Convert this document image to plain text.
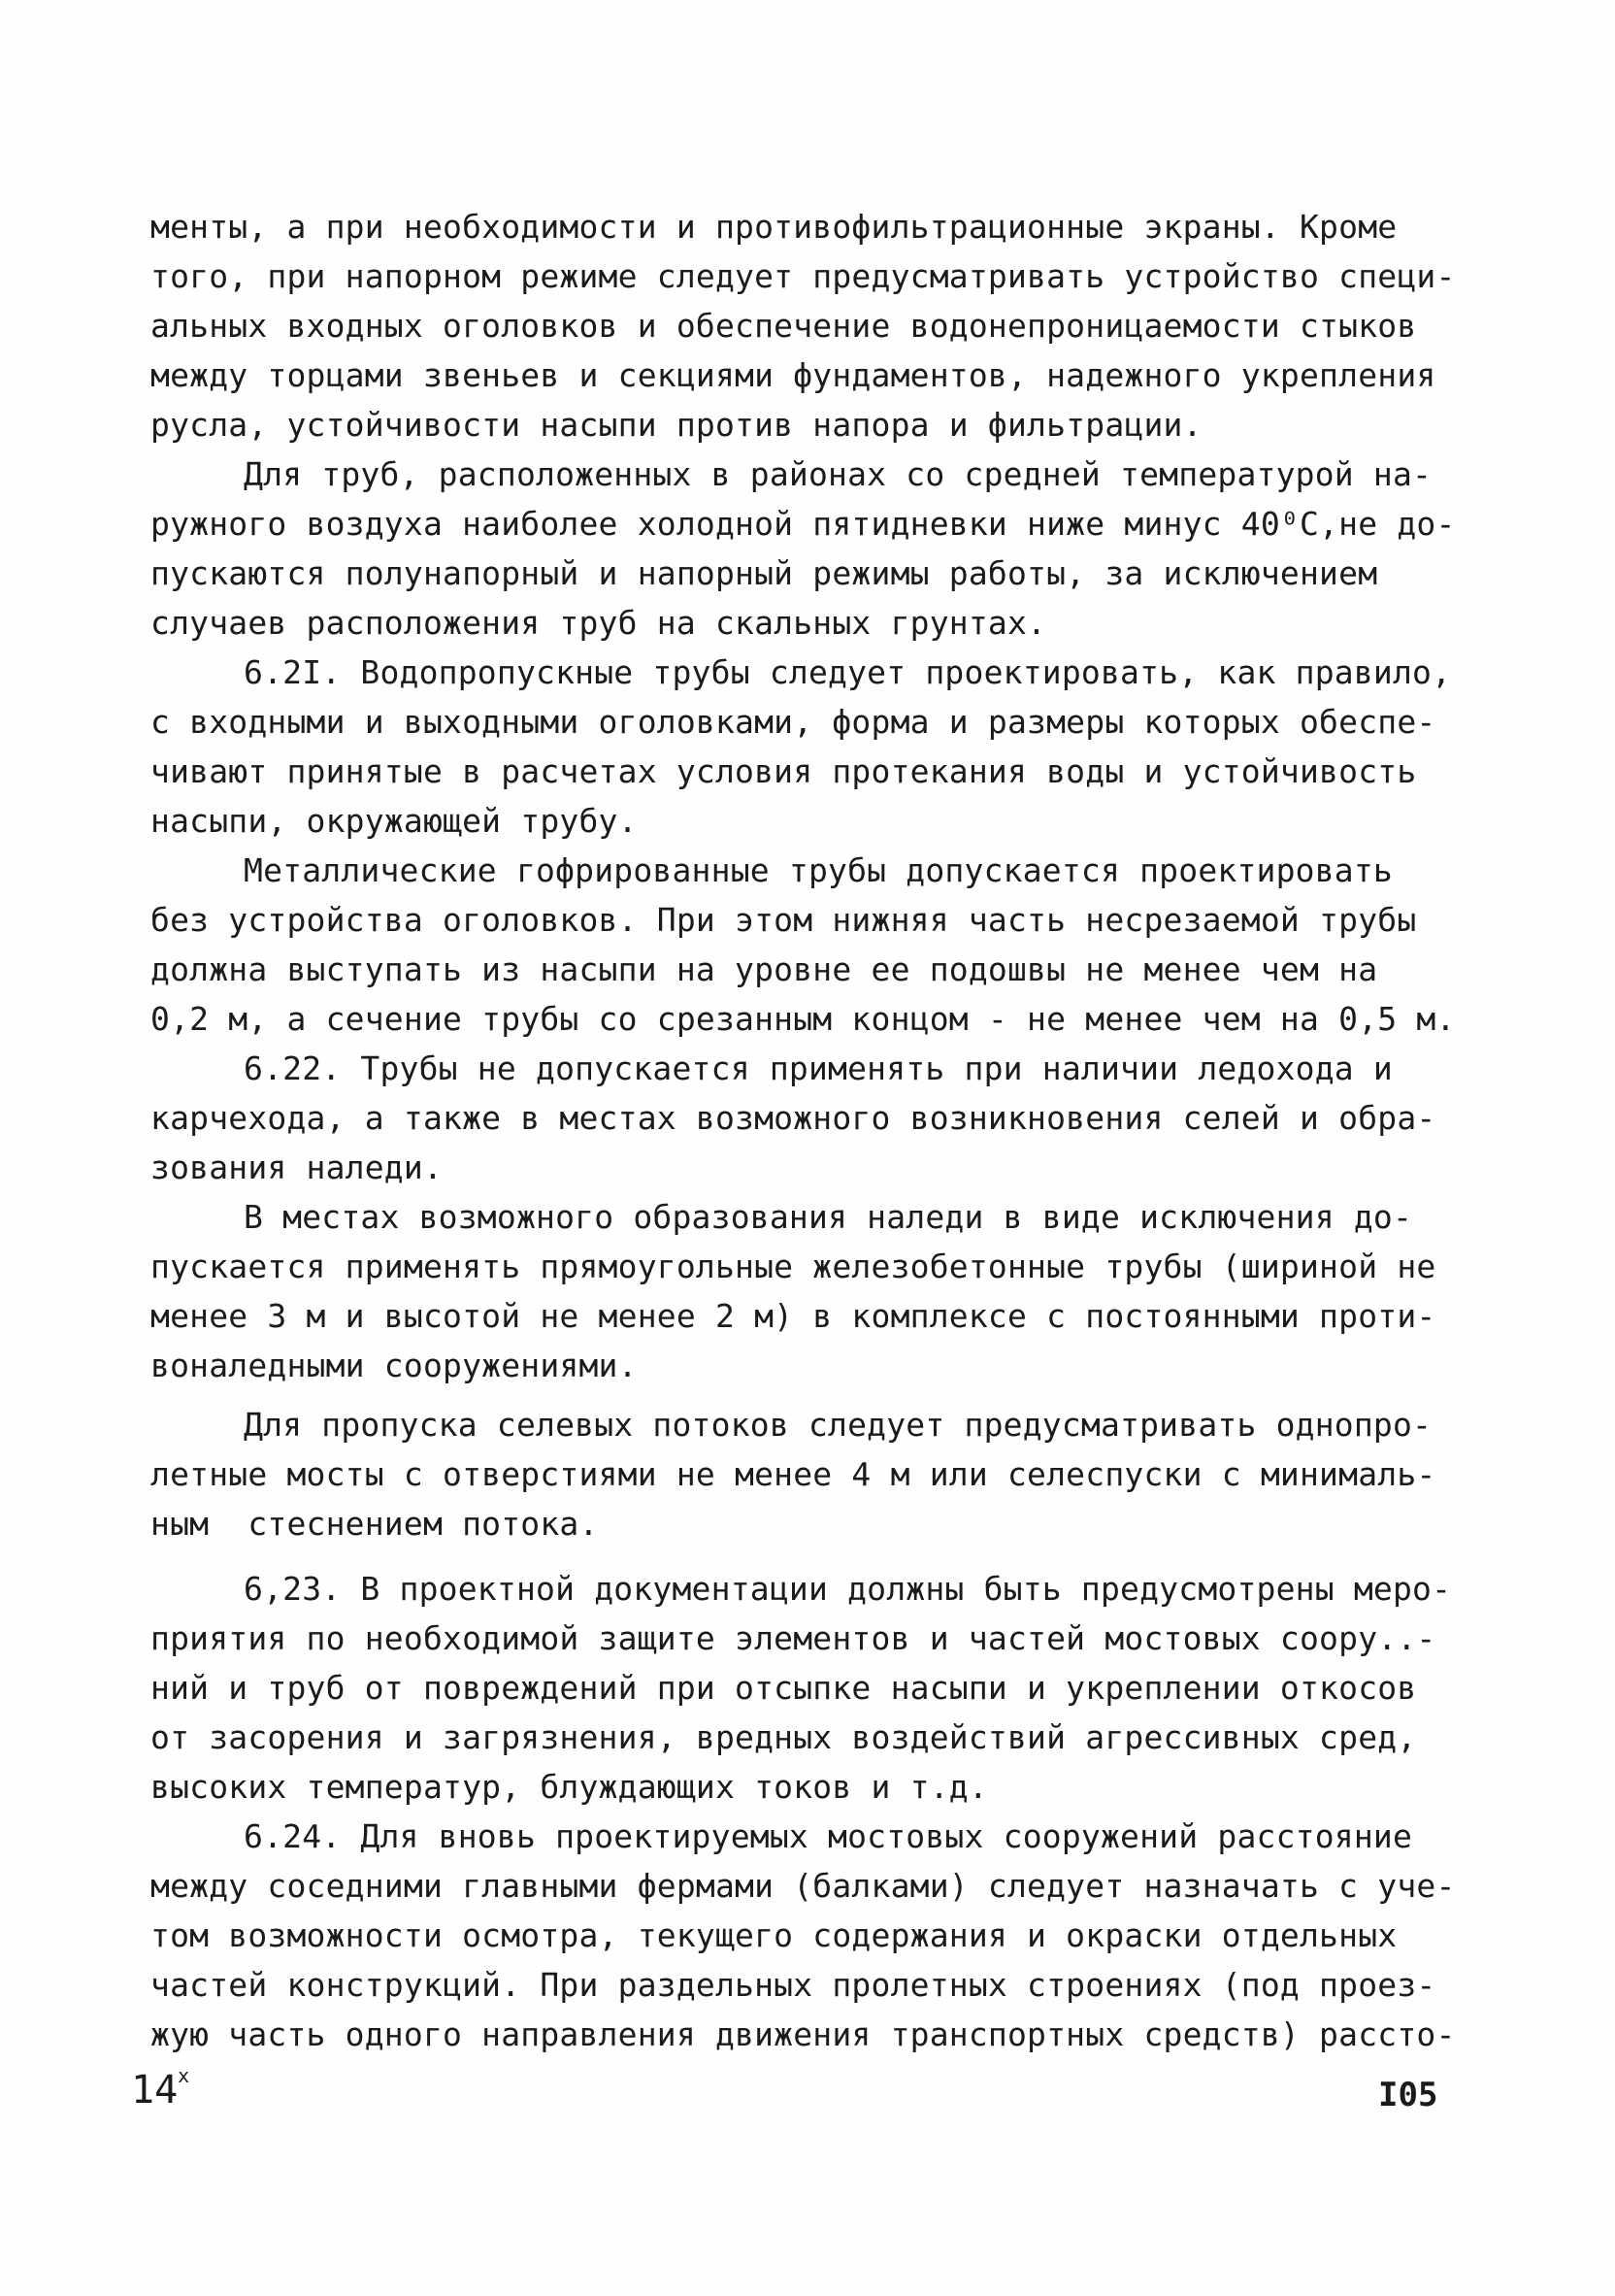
менты, а при необходимости и противофильтрационные экраны. Кроме
того, при напорном режиме следует предусматривать устройство специ-
альных входных оголовков и обеспечение водонепроницаемости стыков
между торцами звеньев и секциями фундаментов, надежного укрепления
русла, устойчивости насыпи против напора и фильтрации.
Для труб, расположенных в районах со средней температурой на-
ружного воздуха наиболее холодной пятидневки ниже минус 40⁰С,не до-
пускаются полунапорный и напорный режимы работы, за исключением
случаев расположения труб на скальных грунтах.
6.2I. Водопропускные трубы следует проектировать, как правило,
с входными и выходными оголовками, форма и размеры которых обеспе-
чивают принятые в расчетах условия протекания воды и устойчивость
насыпи, окружающей трубу.
Металлические гофрированные трубы допускается проектировать
без устройства оголовков. При этом нижняя часть несрезаемой трубы
должна выступать из насыпи на уровне ее подошвы не менее чем на
0,2 м, а сечение трубы со срезанным концом - не менее чем на 0,5 м.
6.22. Трубы не допускается применять при наличии ледохода и
карчехода, а также в местах возможного возникновения селей и обра-
зования наледи.
В местах возможного образования наледи в виде исключения до-
пускается применять прямоугольные железобетонные трубы (шириной не
менее 3 м и высотой не менее 2 м) в комплексе с постоянными проти-
воналедными сооружениями.
Для пропуска селевых потоков следует предусматривать однопро-
летные мосты с отверстиями не менее 4 м или селеспуски с минималь-
ным  стеснением потока.
6,23. В проектной документации должны быть предусмотрены меро-
приятия по необходимой защите элементов и частей мостовых соору..-
ний и труб от повреждений при отсыпке насыпи и укреплении откосов
от засорения и загрязнения, вредных воздействий агрессивных сред,
высоких температур, блуждающих токов и т.д.
6.24. Для вновь проектируемых мостовых сооружений расстояние
между соседними главными фермами (балками) следует назначать с уче-
том возможности осмотра, текущего содержания и окраски отдельных
частей конструкций. При раздельных пролетных строениях (под проез-
жую часть одного направления движения транспортных средств) рассто-
14$^x$	I05
